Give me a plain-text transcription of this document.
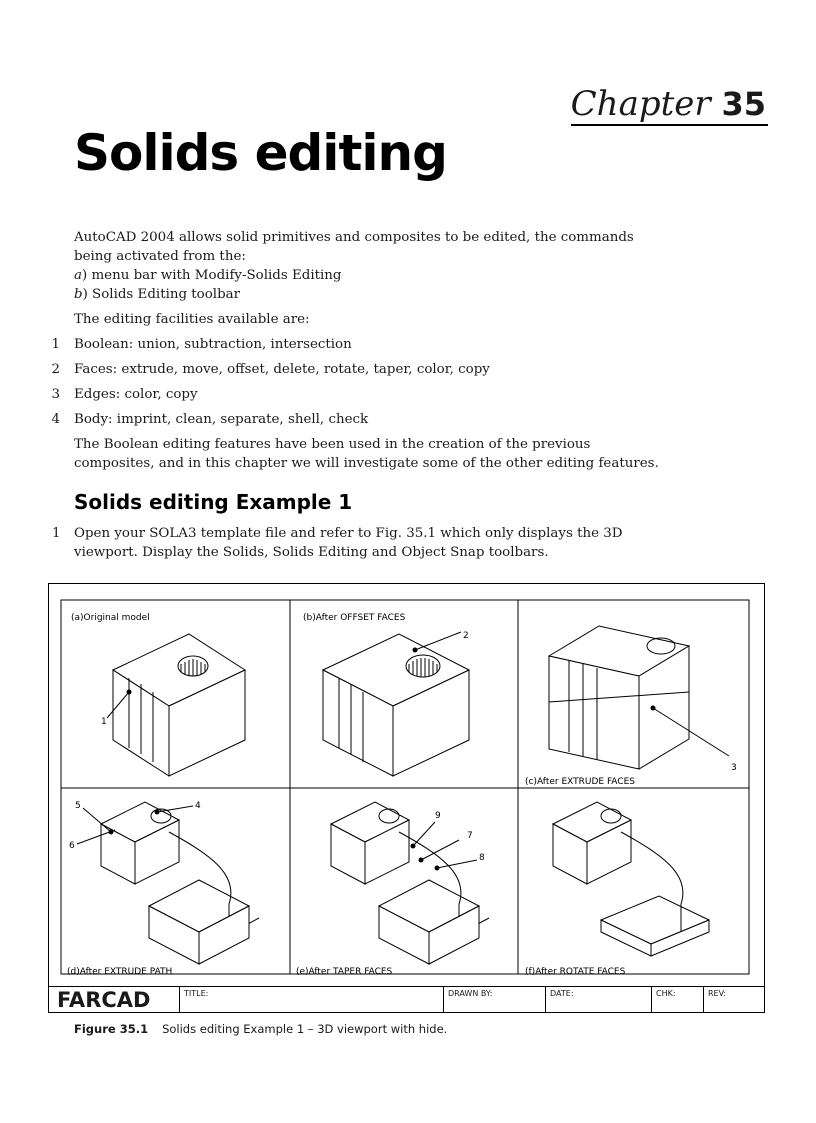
Chapter 35
Solids editing

AutoCAD 2004 allows solid primitives and composites to be edited, the commands being activated from the:
a) menu bar with Modify-Solids Editing
b) Solids Editing toolbar

The editing facilities available are:

1 Boolean: union, subtraction, intersection
2 Faces: extrude, move, offset, delete, rotate, taper, color, copy
3 Edges: color, copy
4 Body: imprint, clean, separate, shell, check

The Boolean editing features have been used in the creation of the previous composites, and in this chapter we will investigate some of the other editing features.

Solids editing Example 1
1 Open your SOLA3 template file and refer to Fig. 35.1 which only displays the 3D viewport. Display the Solids, Solids Editing and Object Snap toolbars.
(a)Original model	(b)After OFFSET FACES
(c)After EXTRUDE FACES
(d)After EXTRUDE PATH	(e)After TAPER FACES	(f)After ROTATE FACES
1
2
3
5	4
6
9
7
8
FARCAD	TITLE:	DRAWN BY:	DATE:	CHK:	REV:
Figure 35.1 Solids editing Example 1 – 3D viewport with hide.
